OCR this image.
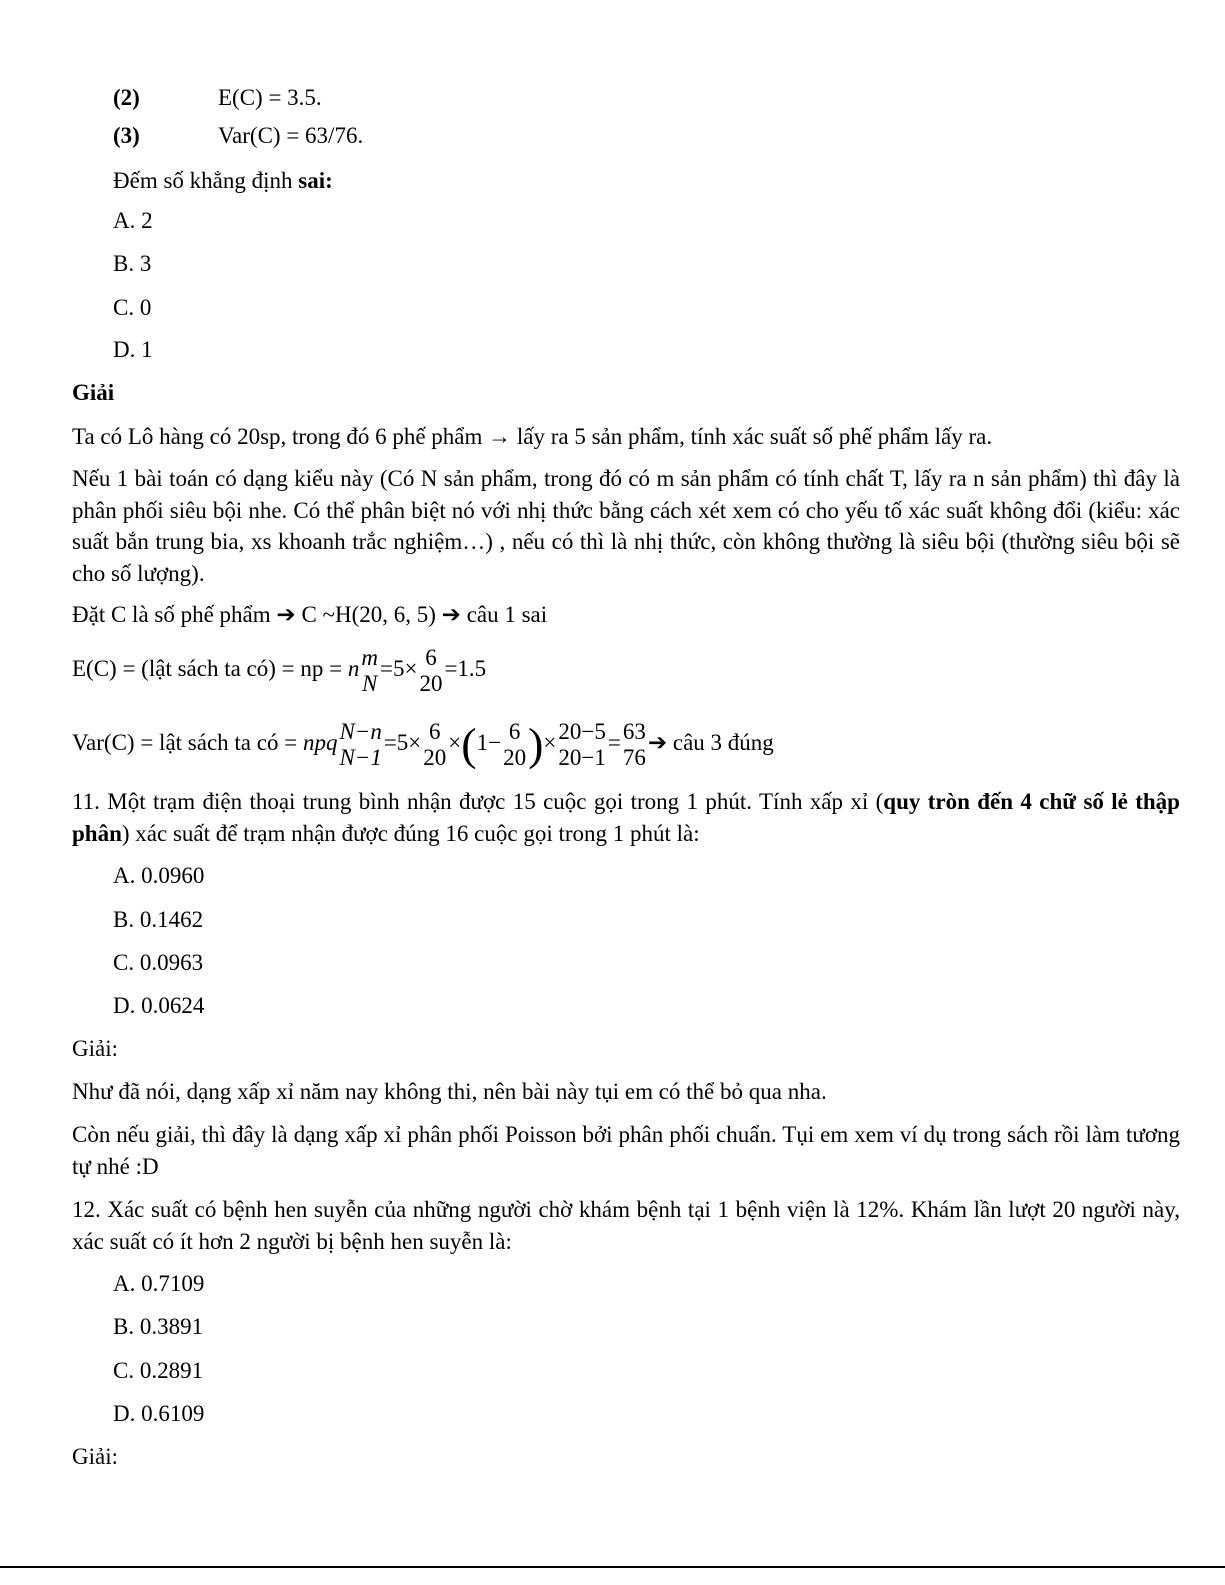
(2)	E(C) = 3.5.
(3)	Var(C) = 63/76.
Đếm số khẳng định sai:
A. 2
B. 3
C. 0
D. 1
Giải
Ta có Lô hàng có 20sp, trong đó 6 phế phẩm → lấy ra 5 sản phẩm, tính xác suất số phế phẩm lấy ra.
Nếu 1 bài toán có dạng kiểu này (Có N sản phẩm, trong đó có m sản phẩm có tính chất T, lấy ra n sản phẩm) thì đây là phân phối siêu bội nhe. Có thể phân biệt nó với nhị thức bằng cách xét xem có cho yếu tố xác suất không đổi (kiểu: xác suất bắn trung bia, xs khoanh trắc nghiệm…) , nếu có thì là nhị thức, còn không thường là siêu bội (thường siêu bội sẽ cho số lượng).
Đặt C là số phế phẩm ➔ C ~H(20, 6, 5) ➔ câu 1 sai
E(C) = (lật sách ta có) = np = n m
N
=5× 6
20
=1.5
Var(C) = lật sách ta có = npq N−n
N−1
=5× 6
20
×(1− 6
20 )× 20−5
20−1
= 63
76
➔ câu 3 đúng
11. Một trạm điện thoại trung bình nhận được 15 cuộc gọi trong 1 phút. Tính xấp xỉ (quy tròn đến 4 chữ số lẻ thập phân) xác suất để trạm nhận được đúng 16 cuộc gọi trong 1 phút là:
A. 0.0960
B. 0.1462
C. 0.0963
D. 0.0624
Giải:
Như đã nói, dạng xấp xỉ năm nay không thi, nên bài này tụi em có thể bỏ qua nha.
Còn nếu giải, thì đây là dạng xấp xỉ phân phối Poisson bởi phân phối chuẩn. Tụi em xem ví dụ trong sách rồi làm tương tự nhé :D
12. Xác suất có bệnh hen suyễn của những người chờ khám bệnh tại 1 bệnh viện là 12%. Khám lần lượt 20 người này, xác suất có ít hơn 2 người bị bệnh hen suyễn là:
A. 0.7109
B. 0.3891
C. 0.2891
D. 0.6109
Giải:
